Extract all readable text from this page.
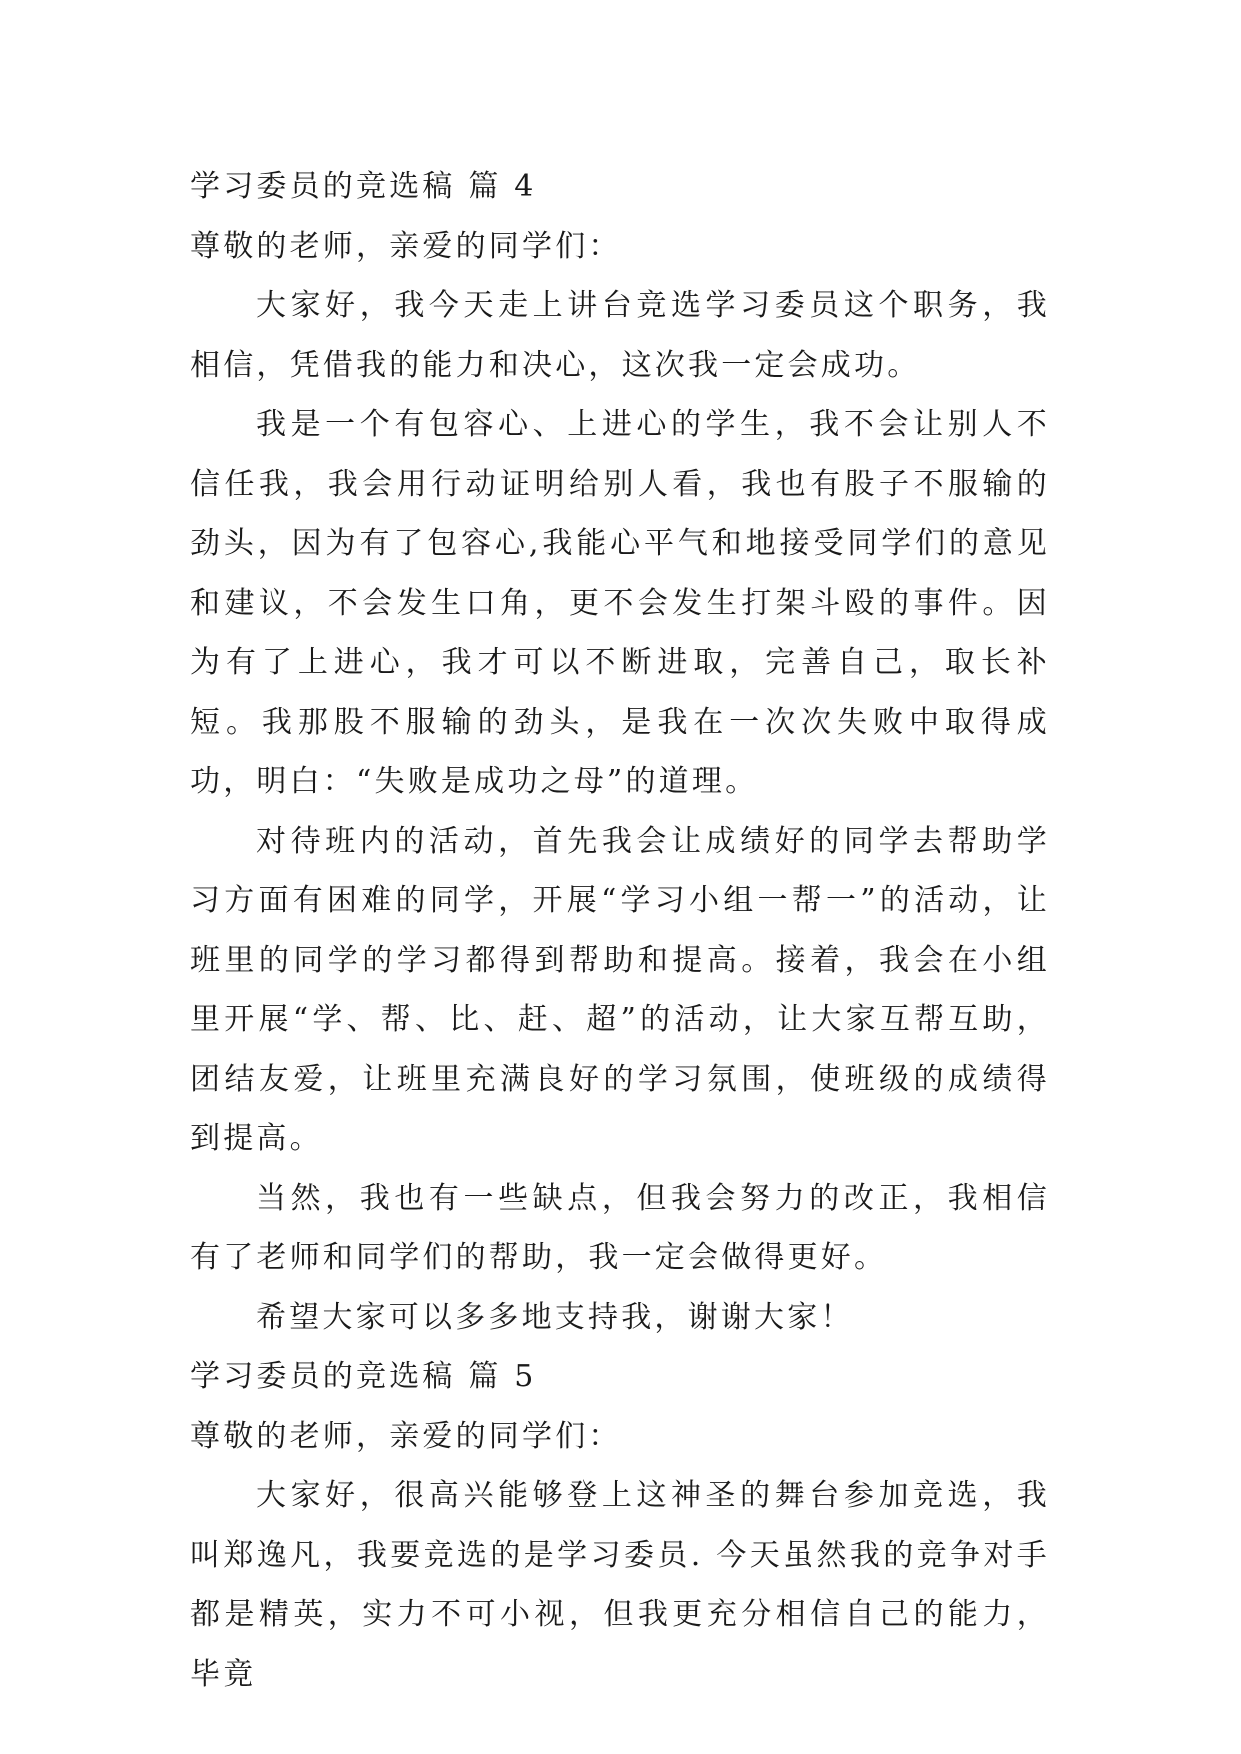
学习委员的竞选稿 篇 4

尊敬的老师，亲爱的同学们：

大家好，我今天走上讲台竞选学习委员这个职务，我相信，凭借我的能力和决心，这次我一定会成功。

我是一个有包容心、上进心的学生，我不会让别人不信任我，我会用行动证明给别人看，我也有股子不服输的劲头，因为有了包容心,我能心平气和地接受同学们的意见和建议，不会发生口角，更不会发生打架斗殴的事件。因为有了上进心，我才可以不断进取，完善自己，取长补短。我那股不服输的劲头，是我在一次次失败中取得成功，明白：“失败是成功之母”的道理。

对待班内的活动，首先我会让成绩好的同学去帮助学习方面有困难的同学，开展“学习小组一帮一”的活动，让班里的同学的学习都得到帮助和提高。接着，我会在小组里开展“学、帮、比、赶、超”的活动，让大家互帮互助，团结友爱，让班里充满良好的学习氛围，使班级的成绩得到提高。

当然，我也有一些缺点，但我会努力的改正，我相信有了老师和同学们的帮助，我一定会做得更好。

希望大家可以多多地支持我，谢谢大家！

学习委员的竞选稿 篇 5

尊敬的老师，亲爱的同学们：

大家好，很高兴能够登上这神圣的舞台参加竞选，我叫郑逸凡，我要竞选的是学习委员. 今天虽然我的竞争对手都是精英，实力不可小视，但我更充分相信自己的能力，毕竟
